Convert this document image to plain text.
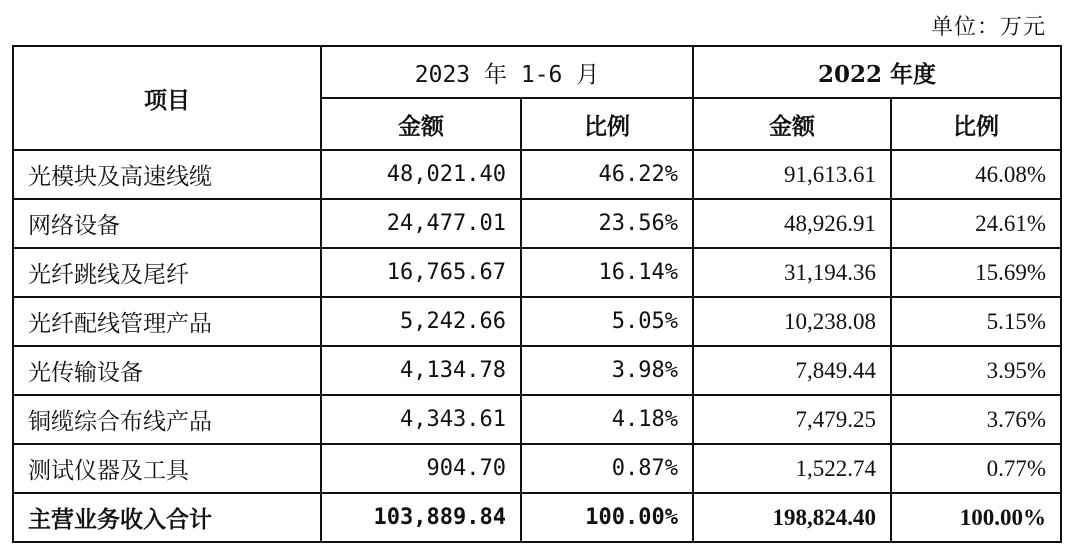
单位：万元
项目	2023 年 1-6 月		2022 年度	
	金额	比例	金额	比例
光模块及高速线缆	48,021.40	46.22%	91,613.61	46.08%
网络设备	24,477.01	23.56%	48,926.91	24.61%
光纤跳线及尾纤	16,765.67	16.14%	31,194.36	15.69%
光纤配线管理产品	5,242.66	5.05%	10,238.08	5.15%
光传输设备	4,134.78	3.98%	7,849.44	3.95%
铜缆综合布线产品	4,343.61	4.18%	7,479.25	3.76%
测试仪器及工具	904.70	0.87%	1,522.74	0.77%
主营业务收入合计	103,889.84	100.00%	198,824.40	100.00%
